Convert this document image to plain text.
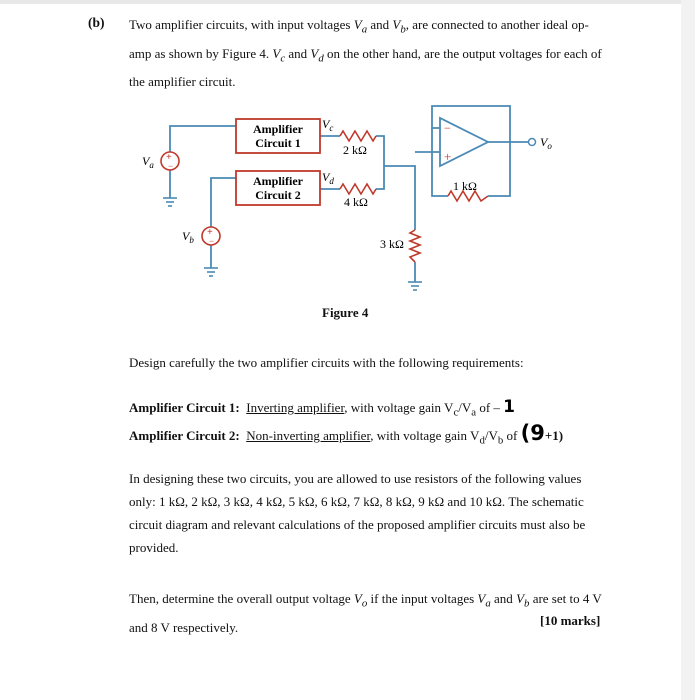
(b) Two amplifier circuits, with input voltages $V_a$ and $V_b$, are connected to another ideal op-amp as shown by Figure 4. $V_c$ and $V_d$ on the other hand, are the output voltages for each of the amplifier circuit.
−
+
$V_o$
2 kΩ
4 kΩ
1 kΩ
3 kΩ
Amplifier
Circuit 1
Amplifier
Circuit 2
$V_c$
$V_d$
+
−
$V_a$
+
−
$V_b$
Figure 4
Design carefully the two amplifier circuits with the following requirements:
Amplifier Circuit 1: Inverting amplifier, with voltage gain $V_c/V_a$ of – 1
Amplifier Circuit 2: Non-inverting amplifier, with voltage gain $V_d/V_b$ of (9+1)
In designing these two circuits, you are allowed to use resistors of the following values only: 1 kΩ, 2 kΩ, 3 kΩ, 4 kΩ, 5 kΩ, 6 kΩ, 7 kΩ, 8 kΩ, 9 kΩ and 10 kΩ. The schematic circuit diagram and relevant calculations of the proposed amplifier circuits must also be provided.
Then, determine the overall output voltage $V_o$ if the input voltages $V_a$ and $V_b$ are set to 4 V and 8 V respectively.	[10 marks]
